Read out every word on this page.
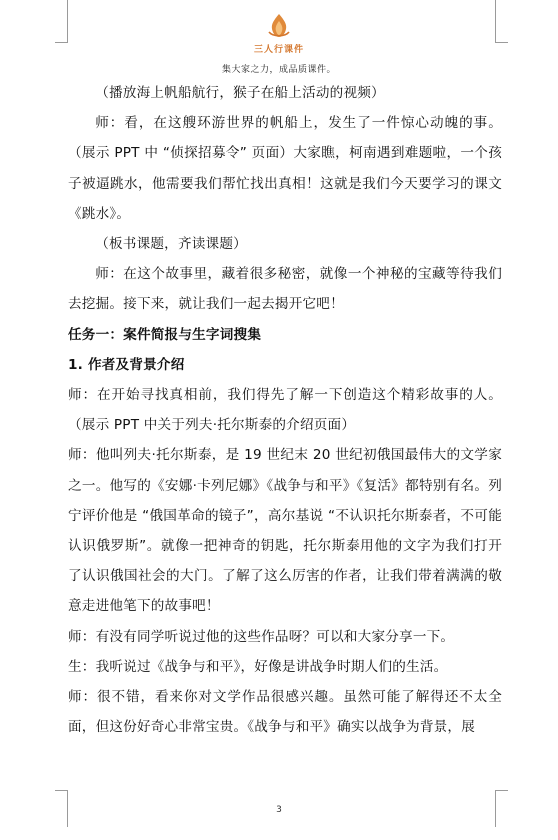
三人行课件
集大家之力，成品质课件。

（播放海上帆船航行，猴子在船上活动的视频）

师：看，在这艘环游世界的帆船上，发生了一件惊心动魄的事。（展示 PPT 中 “侦探招募令” 页面）大家瞧，柯南遇到难题啦，一个孩子被逼跳水，他需要我们帮忙找出真相！这就是我们今天要学习的课文《跳水》。

（板书课题，齐读课题）

师：在这个故事里，藏着很多秘密，就像一个神秘的宝藏等待我们去挖掘。接下来，就让我们一起去揭开它吧！

任务一：案件简报与生字词搜集

1. 作者及背景介绍

师：在开始寻找真相前，我们得先了解一下创造这个精彩故事的人。（展示 PPT 中关于列夫·托尔斯泰的介绍页面）

师：他叫列夫·托尔斯泰，是 19 世纪末 20 世纪初俄国最伟大的文学家之一。他写的《安娜·卡列尼娜》《战争与和平》《复活》都特别有名。列宁评价他是 “俄国革命的镜子”，高尔基说 “不认识托尔斯泰者，不可能认识俄罗斯”。就像一把神奇的钥匙，托尔斯泰用他的文字为我们打开了认识俄国社会的大门。了解了这么厉害的作者，让我们带着满满的敬意走进他笔下的故事吧！

师：有没有同学听说过他的这些作品呀？可以和大家分享一下。

生：我听说过《战争与和平》，好像是讲战争时期人们的生活。

师：很不错，看来你对文学作品很感兴趣。虽然可能了解得还不太全面，但这份好奇心非常宝贵。《战争与和平》确实以战争为背景，展

3
